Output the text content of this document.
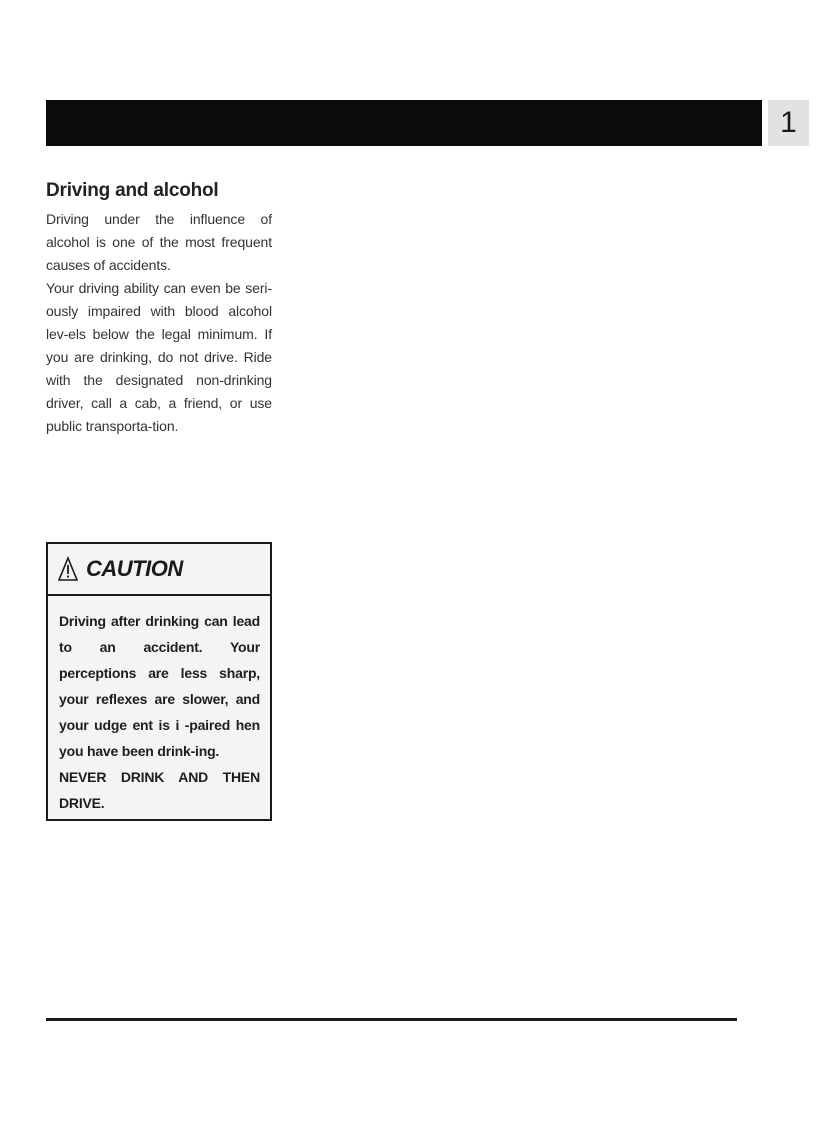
1
Driving and alcohol

Driving under the influence of alcohol is one of the most frequent causes of accidents.

Your driving ability can even be seri-ously impaired with blood alcohol lev-els below the legal minimum. If you are drinking, do not drive. Ride with the designated non-drinking driver, call a cab, a friend, or use public transporta-tion.

CAUTION

Driving after drinking can lead to an accident. Your perceptions are less sharp, your reflexes are slower, and your udge ent is i -paired hen you have been drink-ing.

NEVER DRINK AND THEN DRIVE.
